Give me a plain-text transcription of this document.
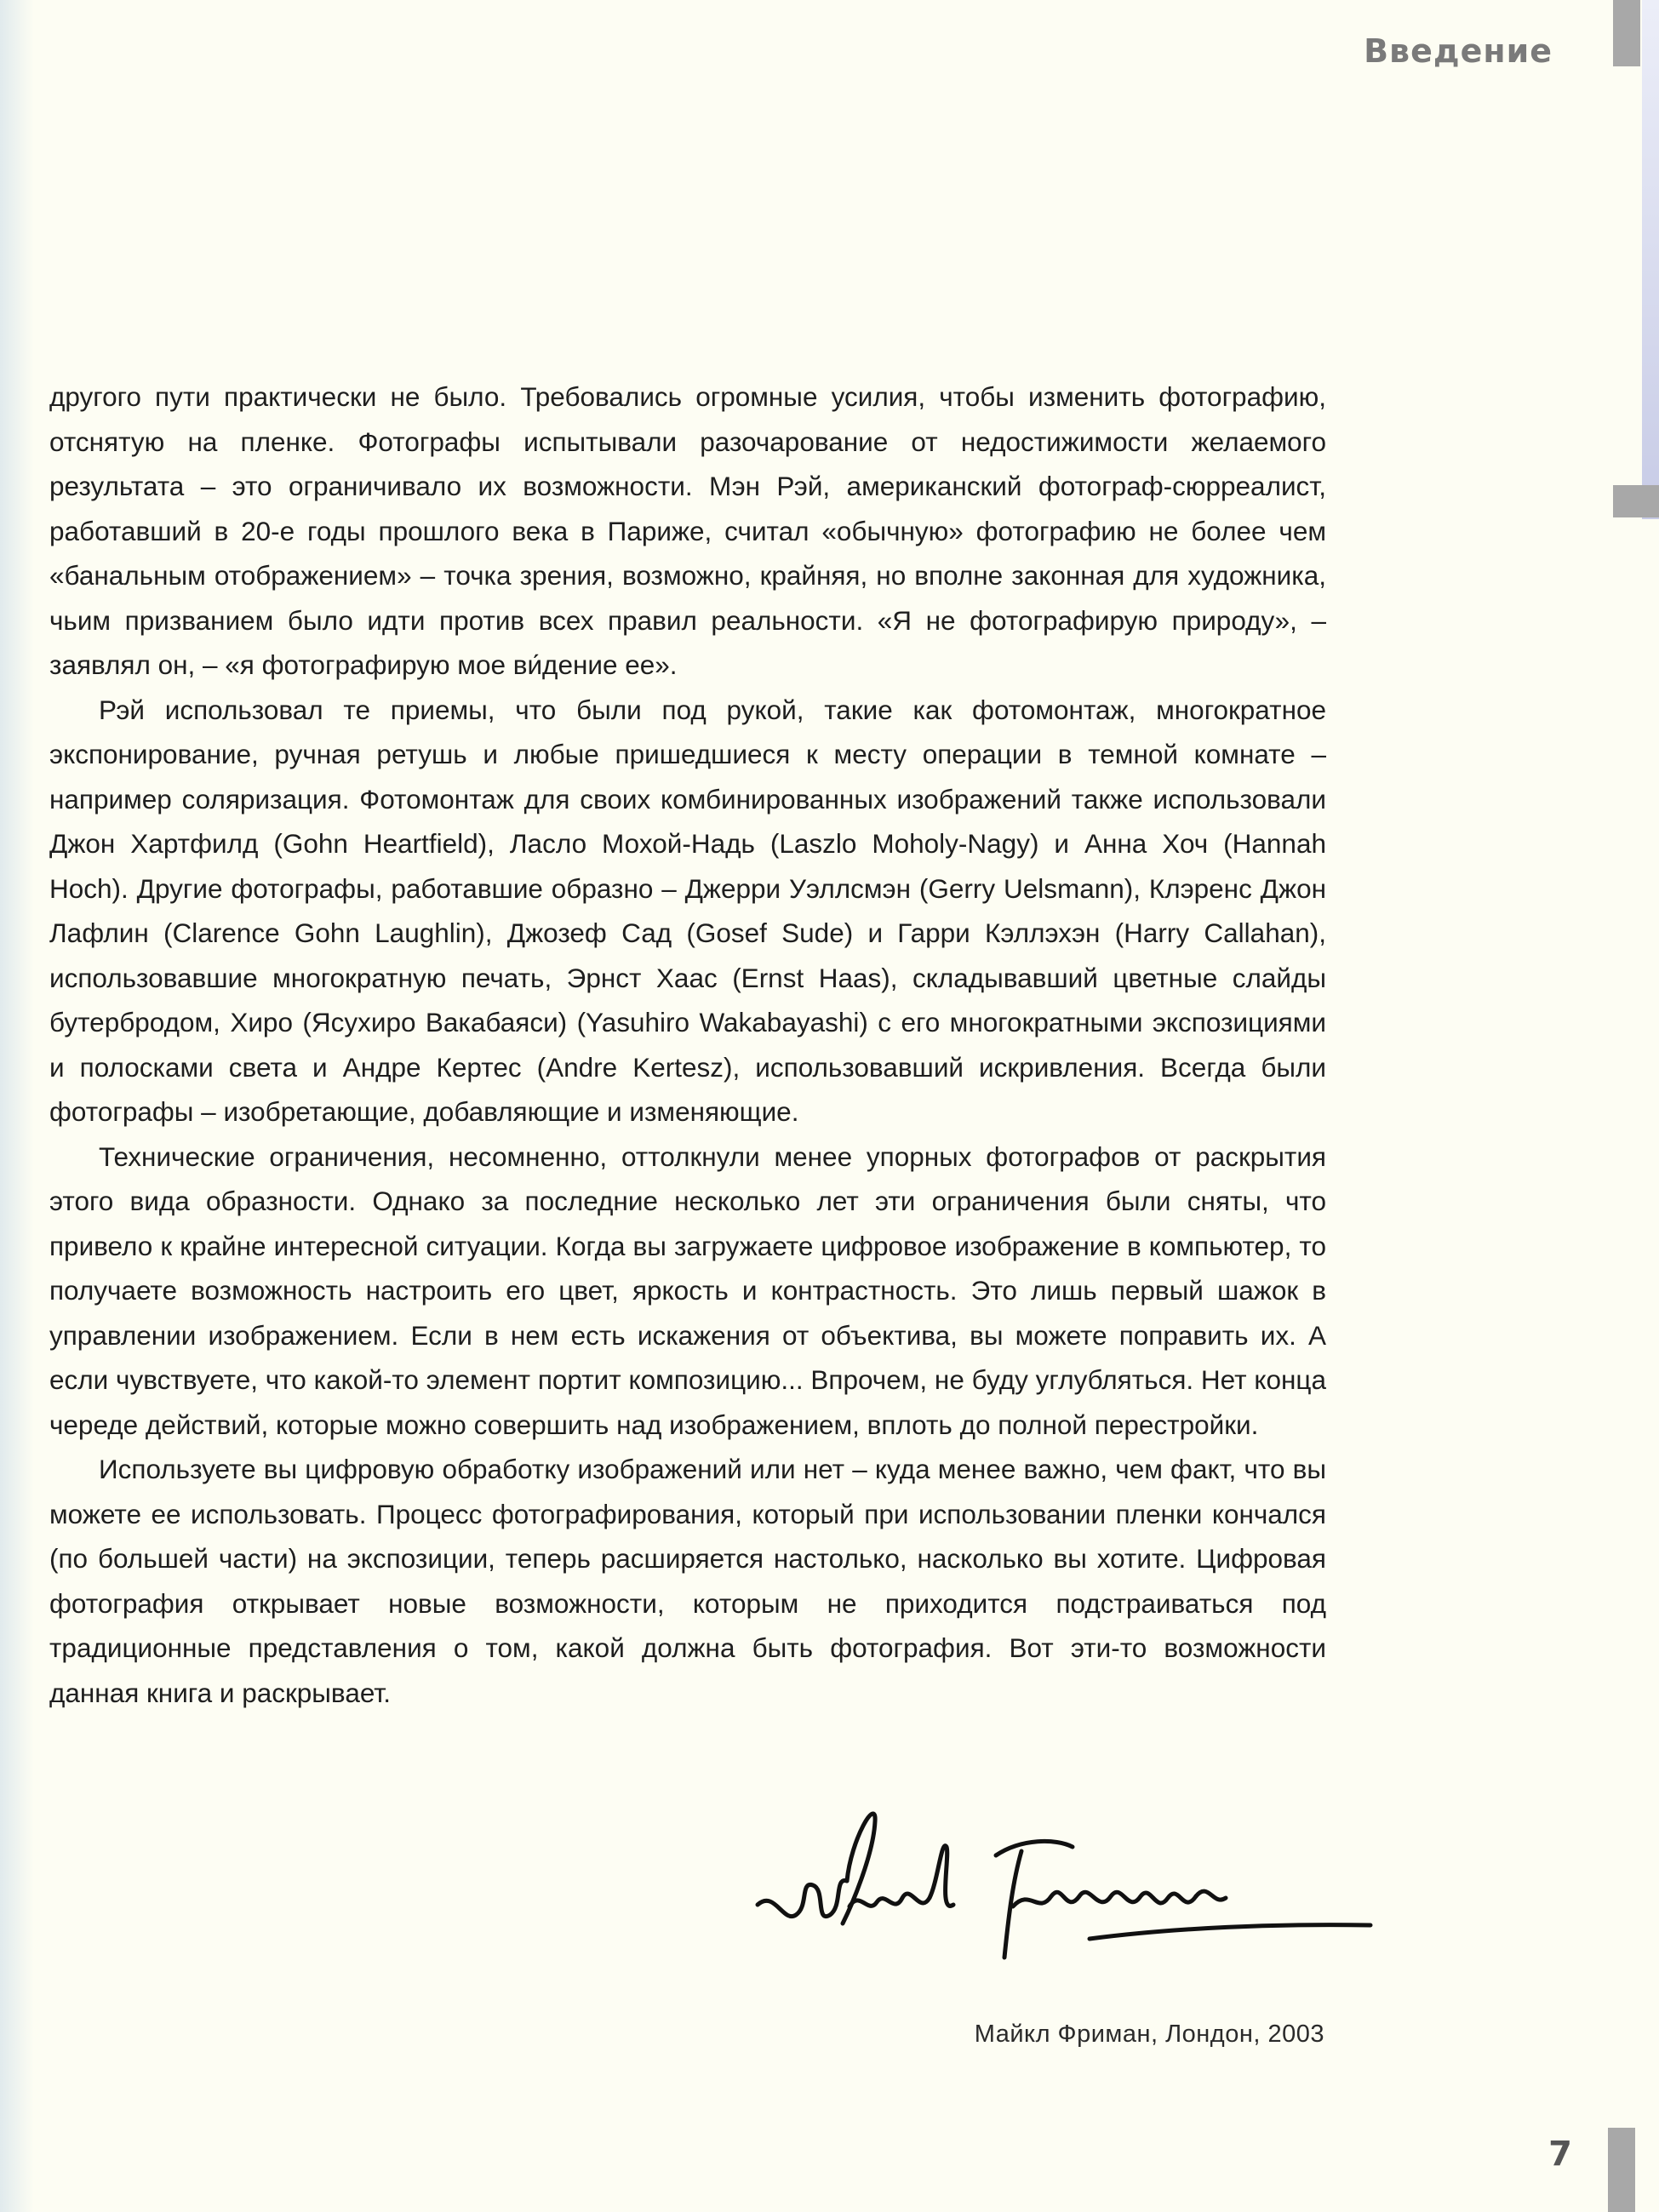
Введение

другого пути практически не было. Требовались огромные усилия, чтобы изменить фотографию, отснятую на пленке. Фотографы испытывали разочарование от недостижимости желаемого результата – это ограничивало их возможности. Мэн Рэй, американский фотограф-сюрреалист, работавший в 20-е годы прошлого века в Париже, считал «обычную» фотографию не более чем «банальным отображением» – точка зрения, возможно, крайняя, но вполне законная для художника, чьим призванием было идти против всех правил реальности. «Я не фотографирую природу», – заявлял он, – «я фотографирую мое ви́дение ее».

Рэй использовал те приемы, что были под рукой, такие как фотомонтаж, многократное экспонирование, ручная ретушь и любые пришедшиеся к месту операции в темной комнате – например соляризация. Фотомонтаж для своих комбинированных изображений также использовали Джон Хартфилд (Gohn Heartfield), Ласло Мохой-Надь (Laszlo Moholy-Nagy) и Анна Хоч (Hannah Hoch). Другие фотографы, работавшие образно – Джерри Уэллсмэн (Gerry Uelsmann), Клэренс Джон Лафлин (Clarence Gohn Laughlin), Джозеф Сад (Gosef Sude) и Гарри Кэллэхэн (Harry Callahan), использовавшие многократную печать, Эрнст Хаас (Ernst Haas), складывавший цветные слайды бутербродом, Хиро (Ясухиро Вакабаяси) (Yasuhiro Wakabayashi) с его многократными экспозициями и полосками света и Андре Кертес (Andre Kertesz), использовавший искривления. Всегда были фотографы – изобретающие, добавляющие и изменяющие.

Технические ограничения, несомненно, оттолкнули менее упорных фотографов от раскрытия этого вида образности. Однако за последние несколько лет эти ограничения были сняты, что привело к крайне интересной ситуации. Когда вы загружаете цифровое изображение в компьютер, то получаете возможность настроить его цвет, яркость и контрастность. Это лишь первый шажок в управлении изображением. Если в нем есть искажения от объектива, вы можете поправить их. А если чувствуете, что какой-то элемент портит композицию... Впрочем, не буду углубляться. Нет конца череде действий, которые можно совершить над изображением, вплоть до полной перестройки.

Используете вы цифровую обработку изображений или нет – куда менее важно, чем факт, что вы можете ее использовать. Процесс фотографирования, который при использовании пленки кончался (по большей части) на экспозиции, теперь расширяется настолько, насколько вы хотите. Цифровая фотография открывает новые возможности, которым не приходится подстраиваться под традиционные представления о том, какой должна быть фотография. Вот эти-то возможности данная книга и раскрывает.

Майкл Фриман, Лондон, 2003
7
